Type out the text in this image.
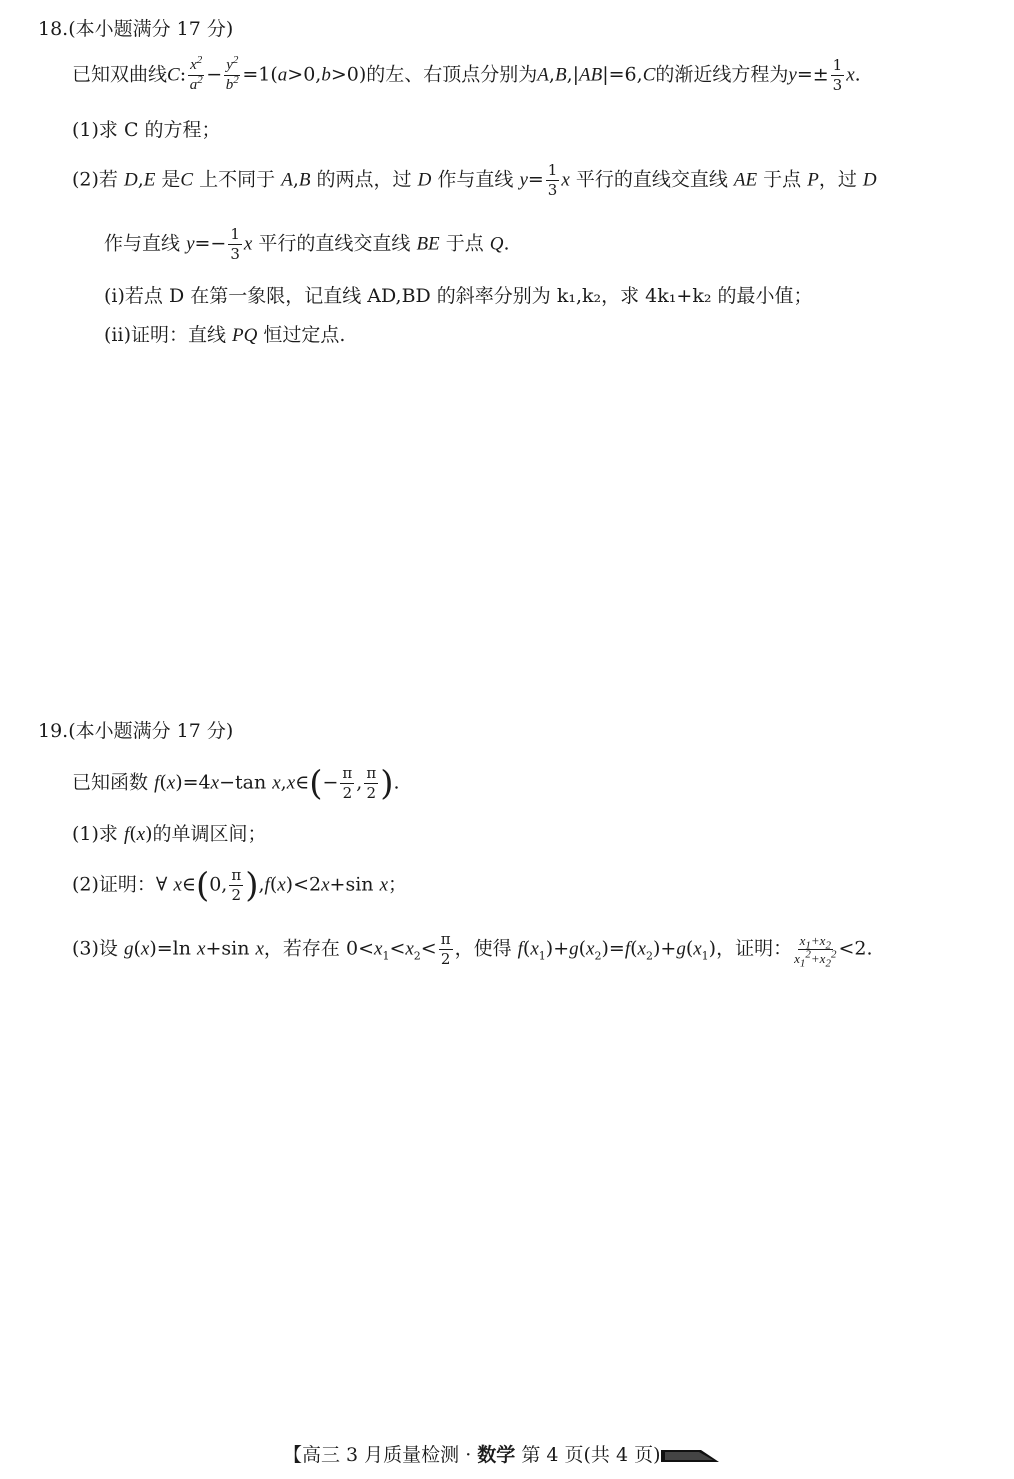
18.(本小题满分 17 分)
已知双曲线C: $\frac{x^2}{a^2} - \frac{y^2}{b^2} =1(a>0,b>0)$的左、右顶点分别为A,B,|AB|=6,C的渐近线方程为$y=\pm \frac{1}{3} x$.
(1)求 C 的方程；
(2)若 D,E 是C 上不同于 A,B 的两点，过 D 作与直线 $y= \frac{1}{3}$ x 平行的直线交直线 AE 于点 P，过 D
作与直线 $y=- \frac{1}{3}$ x 平行的直线交直线 BE 于点 Q.
(ⅰ)若点 D 在第一象限，记直线 AD,BD 的斜率分别为 k₁,k₂，求 4k₁+k₂ 的最小值；
(ⅱ)证明：直线 PQ 恒过定点.
19.(本小题满分 17 分)
已知函数 f(x)=4x−tan x,x∈(− $\frac{\pi}{2}$ , $\frac{\pi}{2}$ ).
(1)求 f(x)的单调区间；
(2)证明：∀ x∈(0, $\frac{\pi}{2} ),f(x)<2x+\sin$ x；
(3)设 g(x)=ln x+sin x，若存在 $0<x_1<x_2< \frac{\pi}{2}$ ，使得 $f(x_1)+g(x_2)=f(x_2)+g(x_1)$，证明： $\frac{x_1+x_2}{x_1^2+x_2^2} <2$.
【高三 3 月质量检测 · 数学 第 4 页(共 4 页)
